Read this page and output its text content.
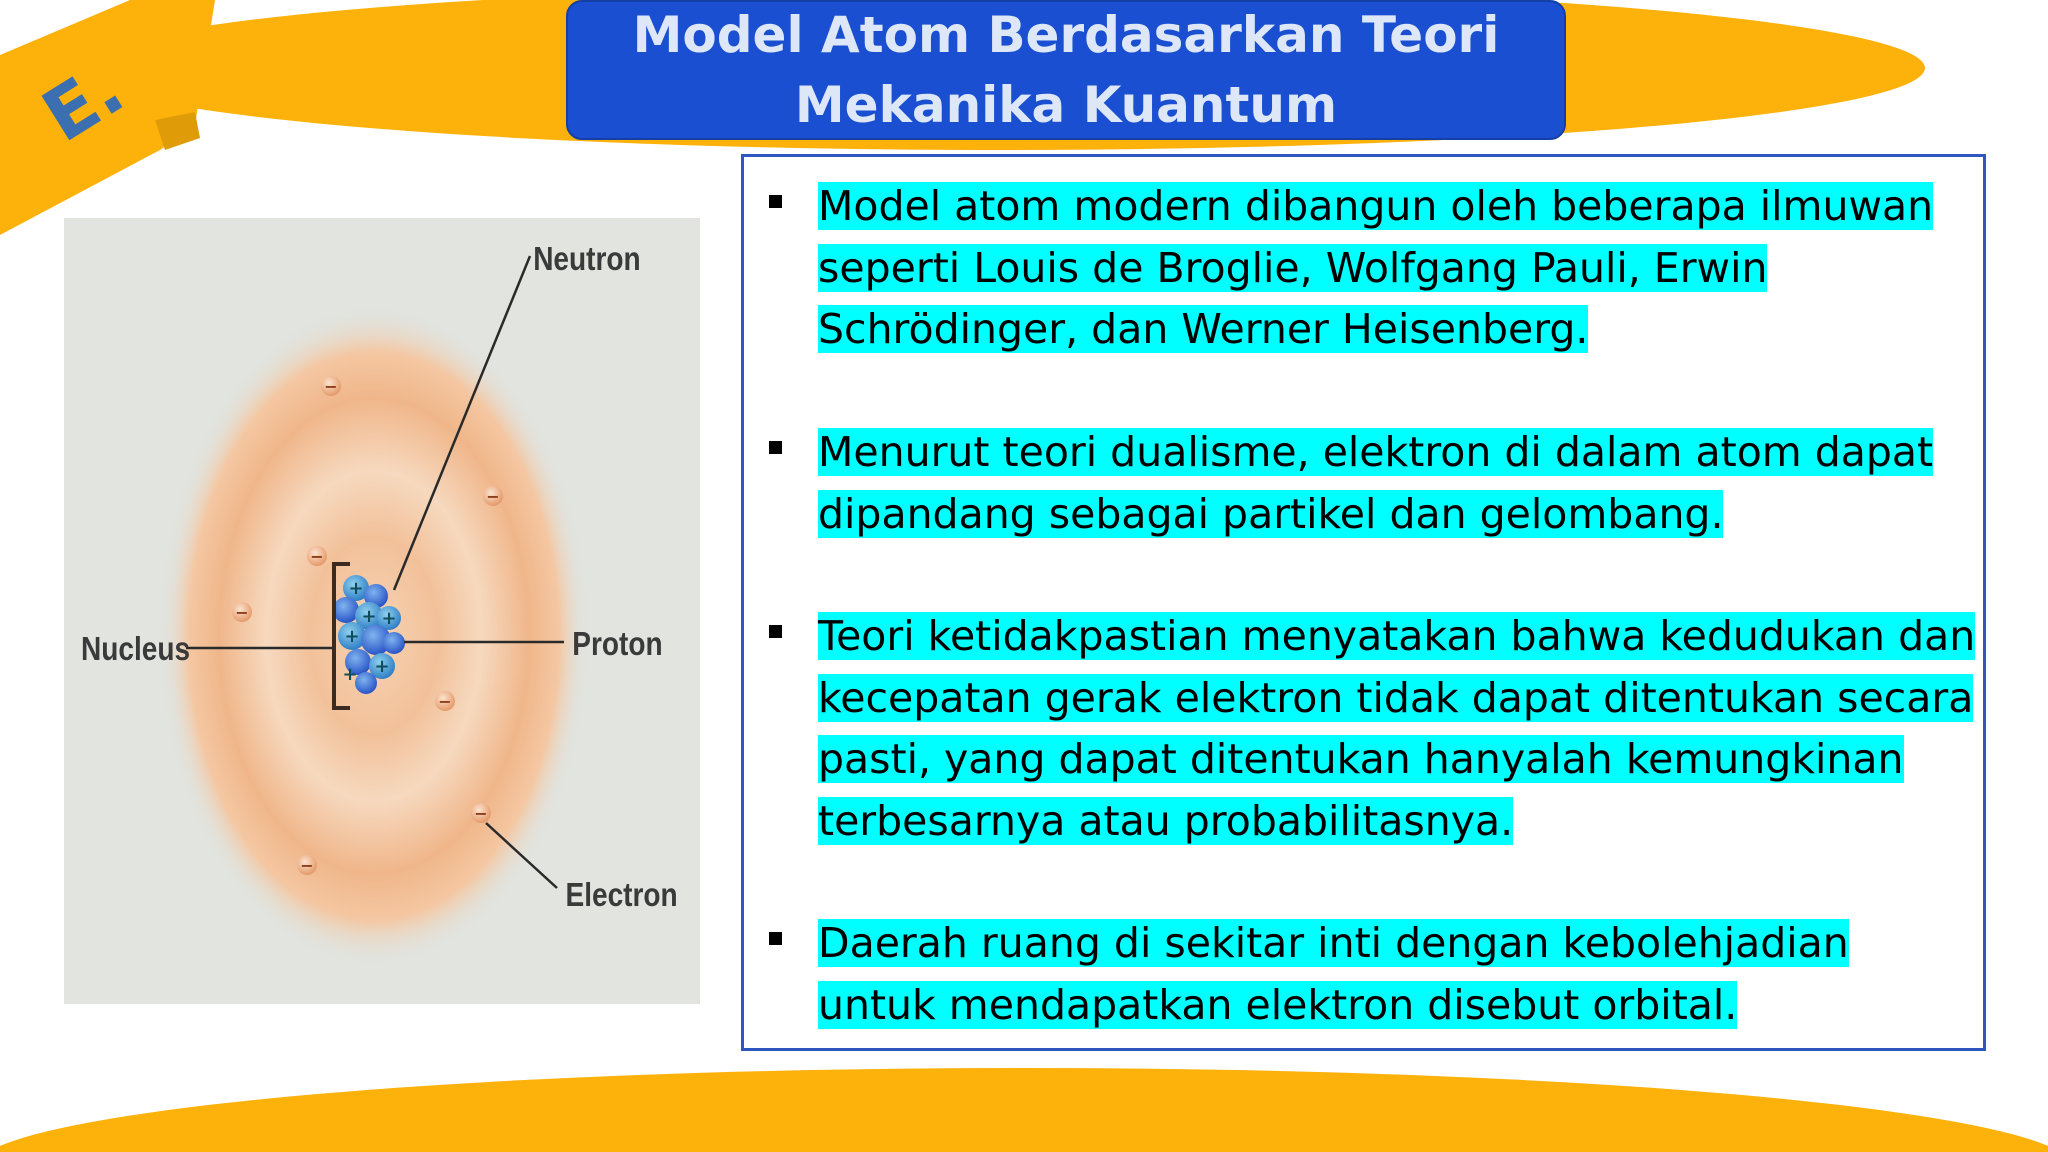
E.
Model Atom Berdasarkan Teori
Mekanika Kuantum
+
+ +
+
+ +
−
−
−
−
−
−
−
Neutron
Nucleus	Proton
Electron
Model atom modern dibangun oleh beberapa ilmuwan seperti Louis de Broglie, Wolfgang Pauli, Erwin Schrödinger, dan Werner Heisenberg.
Menurut teori dualisme, elektron di dalam atom dapat dipandang sebagai partikel dan gelombang.
Teori ketidakpastian menyatakan bahwa kedudukan dan kecepatan gerak elektron tidak dapat ditentukan secara pasti, yang dapat ditentukan hanyalah kemungkinan terbesarnya atau probabilitasnya.
Daerah ruang di sekitar inti dengan kebolehjadian untuk mendapatkan elektron disebut orbital.
